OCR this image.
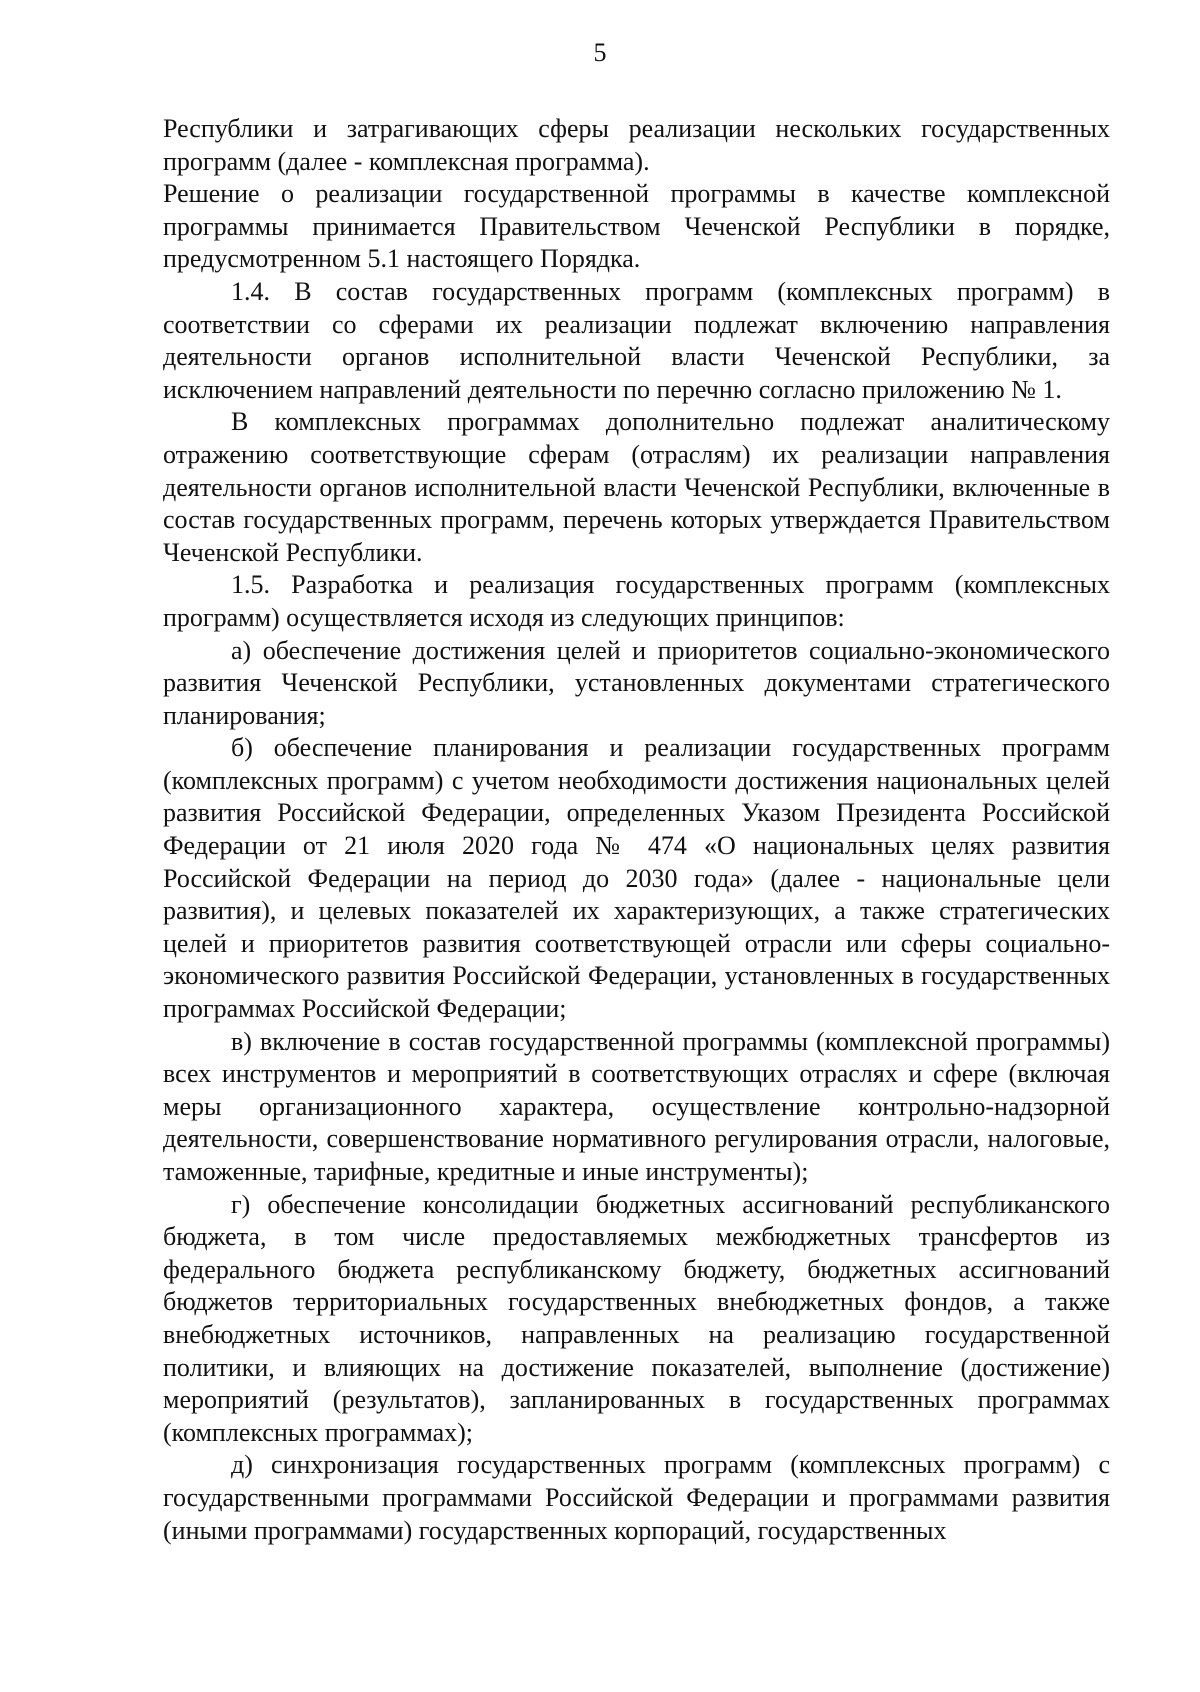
5

Республики и затрагивающих сферы реализации нескольких государственных программ (далее - комплексная программа).

Решение о реализации государственной программы в качестве комплексной программы принимается Правительством Чеченской Республики в порядке, предусмотренном 5.1 настоящего Порядка.

1.4. В состав государственных программ (комплексных программ) в соответствии со сферами их реализации подлежат включению направления деятельности органов исполнительной власти Чеченской Республики, за исключением направлений деятельности по перечню согласно приложению № 1.

В комплексных программах дополнительно подлежат аналитическому отражению соответствующие сферам (отраслям) их реализации направления деятельности органов исполнительной власти Чеченской Республики, включенные в состав государственных программ, перечень которых утверждается Правительством Чеченской Республики.

1.5. Разработка и реализация государственных программ (комплексных программ) осуществляется исходя из следующих принципов:

а) обеспечение достижения целей и приоритетов социально-экономического развития Чеченской Республики, установленных документами стратегического планирования;

б) обеспечение планирования и реализации государственных программ (комплексных программ) с учетом необходимости достижения национальных целей развития Российской Федерации, определенных Указом Президента Российской Федерации от 21 июля 2020 года № 474 «О национальных целях развития Российской Федерации на период до 2030 года» (далее - национальные цели развития), и целевых показателей их характеризующих, а также стратегических целей и приоритетов развития соответствующей отрасли или сферы социально-экономического развития Российской Федерации, установленных в государственных программах Российской Федерации;

в) включение в состав государственной программы (комплексной программы) всех инструментов и мероприятий в соответствующих отраслях и сфере (включая меры организационного характера, осуществление контрольно-надзорной деятельности, совершенствование нормативного регулирования отрасли, налоговые, таможенные, тарифные, кредитные и иные инструменты);

г) обеспечение консолидации бюджетных ассигнований республиканского бюджета, в том числе предоставляемых межбюджетных трансфертов из федерального бюджета республиканскому бюджету, бюджетных ассигнований бюджетов территориальных государственных внебюджетных фондов, а также внебюджетных источников, направленных на реализацию государственной политики, и влияющих на достижение показателей, выполнение (достижение) мероприятий (результатов), запланированных в государственных программах (комплексных программах);

д) синхронизация государственных программ (комплексных программ) с государственными программами Российской Федерации и программами развития (иными программами) государственных корпораций, государственных
